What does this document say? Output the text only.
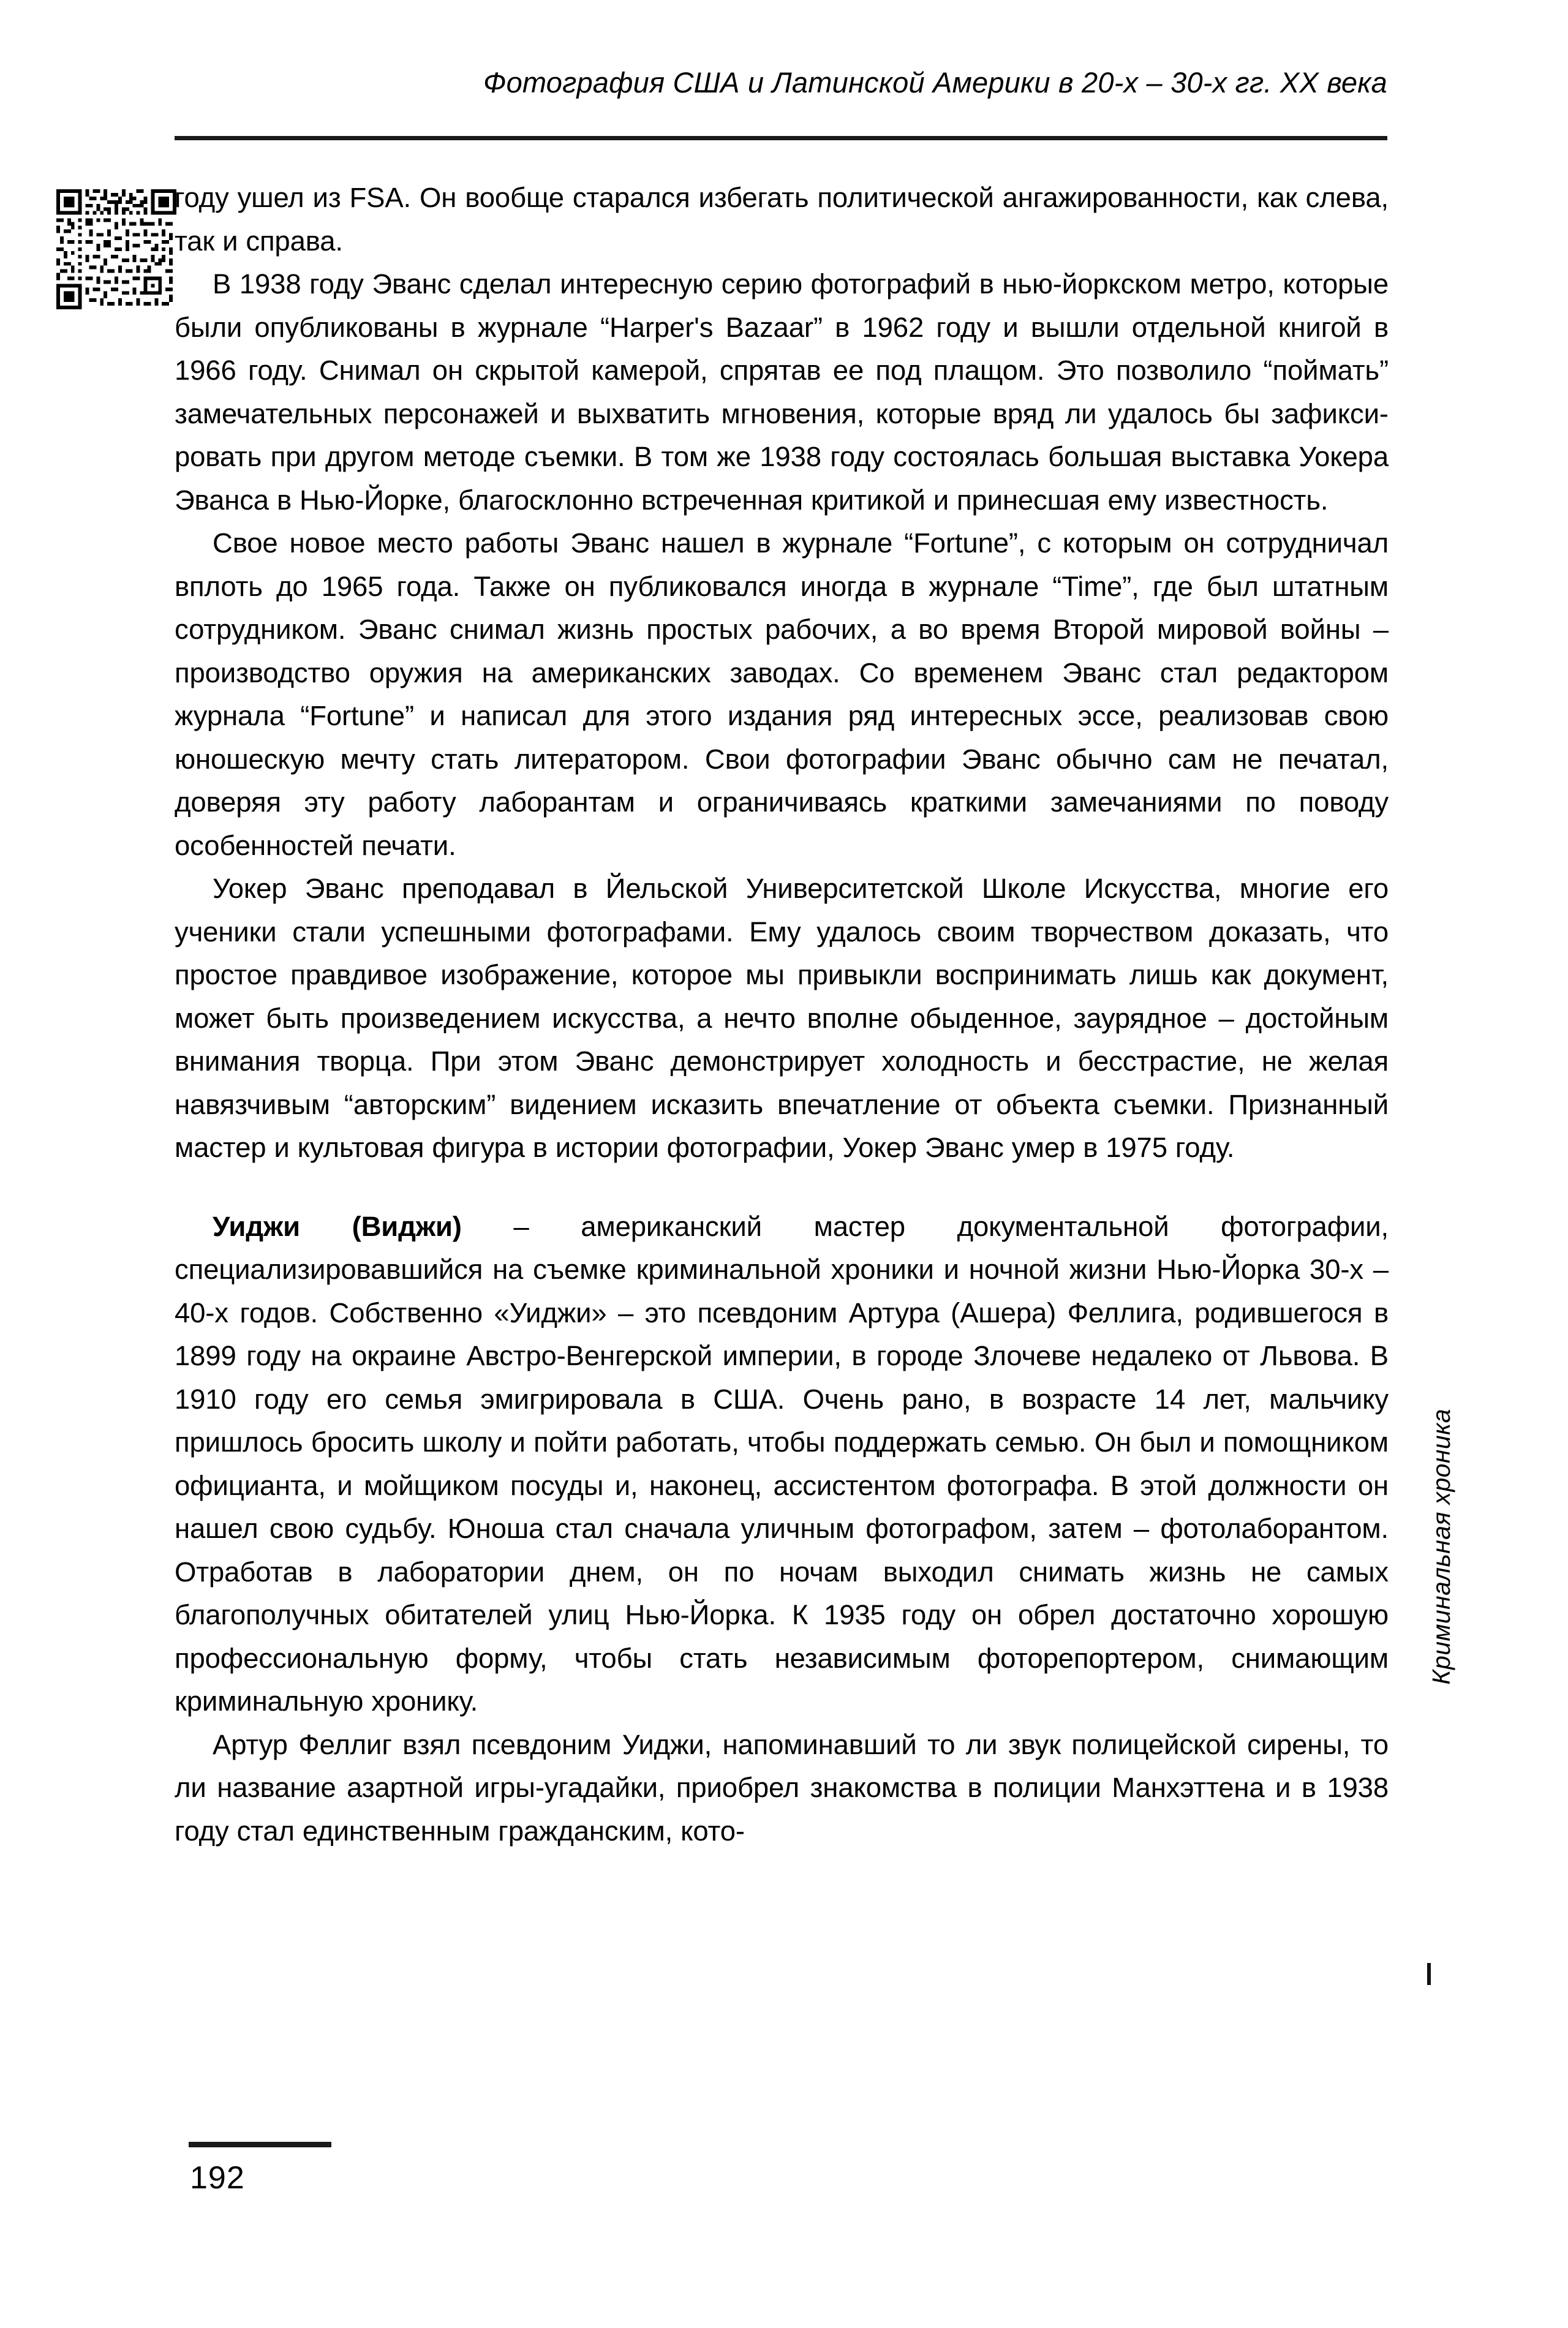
Фотография США и Латинской Америки в 20-х – 30-х гг. XX века

году ушел из FSA. Он вообще старался избегать политической ангажированности, как слева, так и справа.

В 1938 году Эванс сделал интересную серию фотографий в нью-йоркском метро, которые были опубликованы в журнале “Harper's Bazaar” в 1962 году и вышли отдельной книгой в 1966 году. Снимал он скрытой камерой, спрятав ее под плащом. Это позволило “поймать” замечательных персонажей и выхватить мгновения, которые вряд ли удалось бы зафиксировать при другом методе съемки. В том же 1938 году состоялась большая выставка Уокера Эванса в Нью-Йорке, благосклонно встреченная критикой и принесшая ему известность.

Свое новое место работы Эванс нашел в журнале “Fortune”, с которым он сотрудничал вплоть до 1965 года. Также он публиковался иногда в журнале “Time”, где был штатным сотрудником. Эванс снимал жизнь простых рабочих, а во время Второй мировой войны – производство оружия на американских заводах. Со временем Эванс стал редактором журнала “Fortune” и написал для этого издания ряд интересных эссе, реализовав свою юношескую мечту стать литератором. Свои фотографии Эванс обычно сам не печатал, доверяя эту работу лаборантам и ограничиваясь краткими замечаниями по поводу особенностей печати.

Уокер Эванс преподавал в Йельской Университетской Школе Искусства, многие его ученики стали успешными фотографами. Ему удалось своим творчеством доказать, что простое правдивое изображение, которое мы привыкли воспринимать лишь как документ, может быть произведением искусства, а нечто вполне обыденное, заурядное – достойным внимания творца. При этом Эванс демонстрирует холодность и бесстрастие, не желая навязчивым “авторским” видением исказить впечатление от объекта съемки. Признанный мастер и культовая фигура в истории фотографии, Уокер Эванс умер в 1975 году.

Уиджи (Виджи) – американский мастер документальной фотографии, специализировавшийся на съемке криминальной хроники и ночной жизни Нью-Йорка 30-х – 40-х годов. Собственно «Уиджи» – это псевдоним Артура (Ашера) Феллига, родившегося в 1899 году на окраине Австро-Венгерской империи, в городе Злочеве недалеко от Львова. В 1910 году его семья эмигрировала в США. Очень рано, в возрасте 14 лет, мальчику пришлось бросить школу и пойти работать, чтобы поддержать семью. Он был и помощником официанта, и мойщиком посуды и, наконец, ассистентом фотографа. В этой должности он нашел свою судьбу. Юноша стал сначала уличным фотографом, затем – фотолаборантом. Отработав в лаборатории днем, он по ночам выходил снимать жизнь не самых благополучных обитателей улиц Нью-Йорка. К 1935 году он обрел достаточно хорошую профессиональную форму, чтобы стать независимым фоторепортером, снимающим криминальную хронику.

Артур Феллиг взял псевдоним Уиджи, напоминавший то ли звук полицейской сирены, то ли название азартной игры-угадайки, приобрел знакомства в полиции Манхэттена и в 1938 году стал единственным гражданским, кото-

Криминальная хроника
192
